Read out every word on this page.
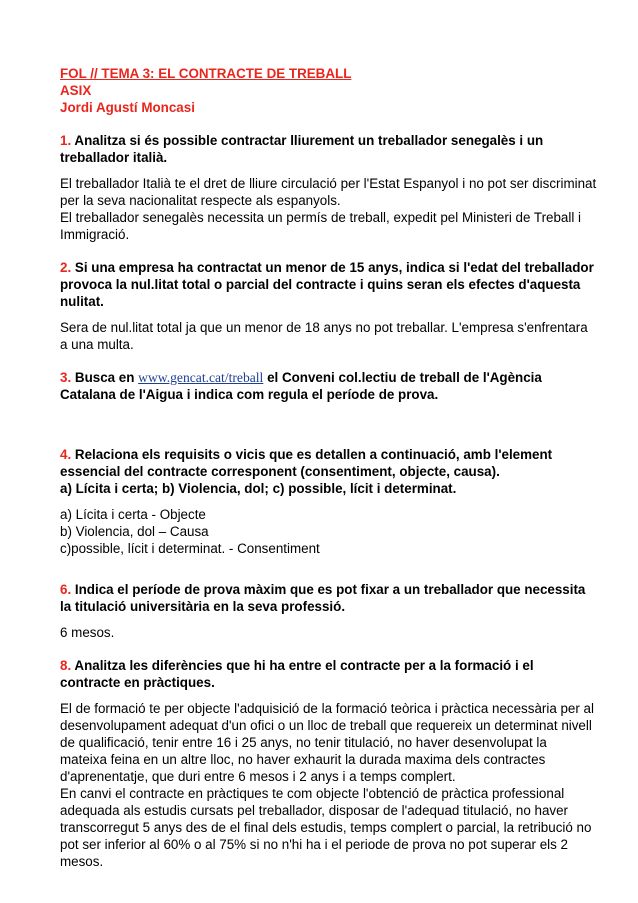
FOL // TEMA 3: EL CONTRACTE DE TREBALL
ASIX
Jordi Agustí Moncasi
1. Analitza si és possible contractar lliurement un treballador senegalès i un
treballador italià.
El treballador Italià te el dret de lliure circulació per l'Estat Espanyol i no pot ser discriminat
per la seva nacionalitat respecte als espanyols.
El treballador senegalès necessita un permís de treball, expedit pel Ministeri de Treball i
Immigració.
2. Si una empresa ha contractat un menor de 15 anys, indica si l'edat del treballador
provoca la nul.litat total o parcial del contracte i quins seran els efectes d'aquesta
nulitat.
Sera de nul.litat total ja que un menor de 18 anys no pot treballar. L'empresa s'enfrentara
a una multa.
3. Busca en www.gencat.cat/treball el Conveni col.lectiu de treball de l'Agència
Catalana de l'Aigua i indica com regula el període de prova.
4. Relaciona els requisits o vicis que es detallen a continuació, amb l'element
essencial del contracte corresponent (consentiment, objecte, causa).
a) Lícita i certa; b) Violencia, dol; c) possible, lícit i determinat.
a) Lícita i certa - Objecte
b) Violencia, dol – Causa
c)possible, lícit i determinat. - Consentiment
6. Indica el període de prova màxim que es pot fixar a un treballador que necessita
la titulació universitària en la seva professió.
6 mesos.
8. Analitza les diferències que hi ha entre el contracte per a la formació i el
contracte en pràctiques.
El de formació te per objecte l'adquisició de la formació teòrica i pràctica necessària per al
desenvolupament adequat d'un ofici o un lloc de treball que requereix un determinat nivell
de qualificació, tenir entre 16 i 25 anys, no tenir titulació, no haver desenvolupat la
mateixa feina en un altre lloc, no haver exhaurit la durada maxima dels contractes
d'aprenentatje, que duri entre 6 mesos i 2 anys i a temps complert.
En canvi el contracte en pràctiques te com objecte l'obtenció de pràctica professional
adequada als estudis cursats pel treballador, disposar de l'adequad titulació, no haver
transcorregut 5 anys des de el final dels estudis, temps complert o parcial, la retribució no
pot ser inferior al 60% o al 75% si no n'hi ha i el periode de prova no pot superar els 2
mesos.
